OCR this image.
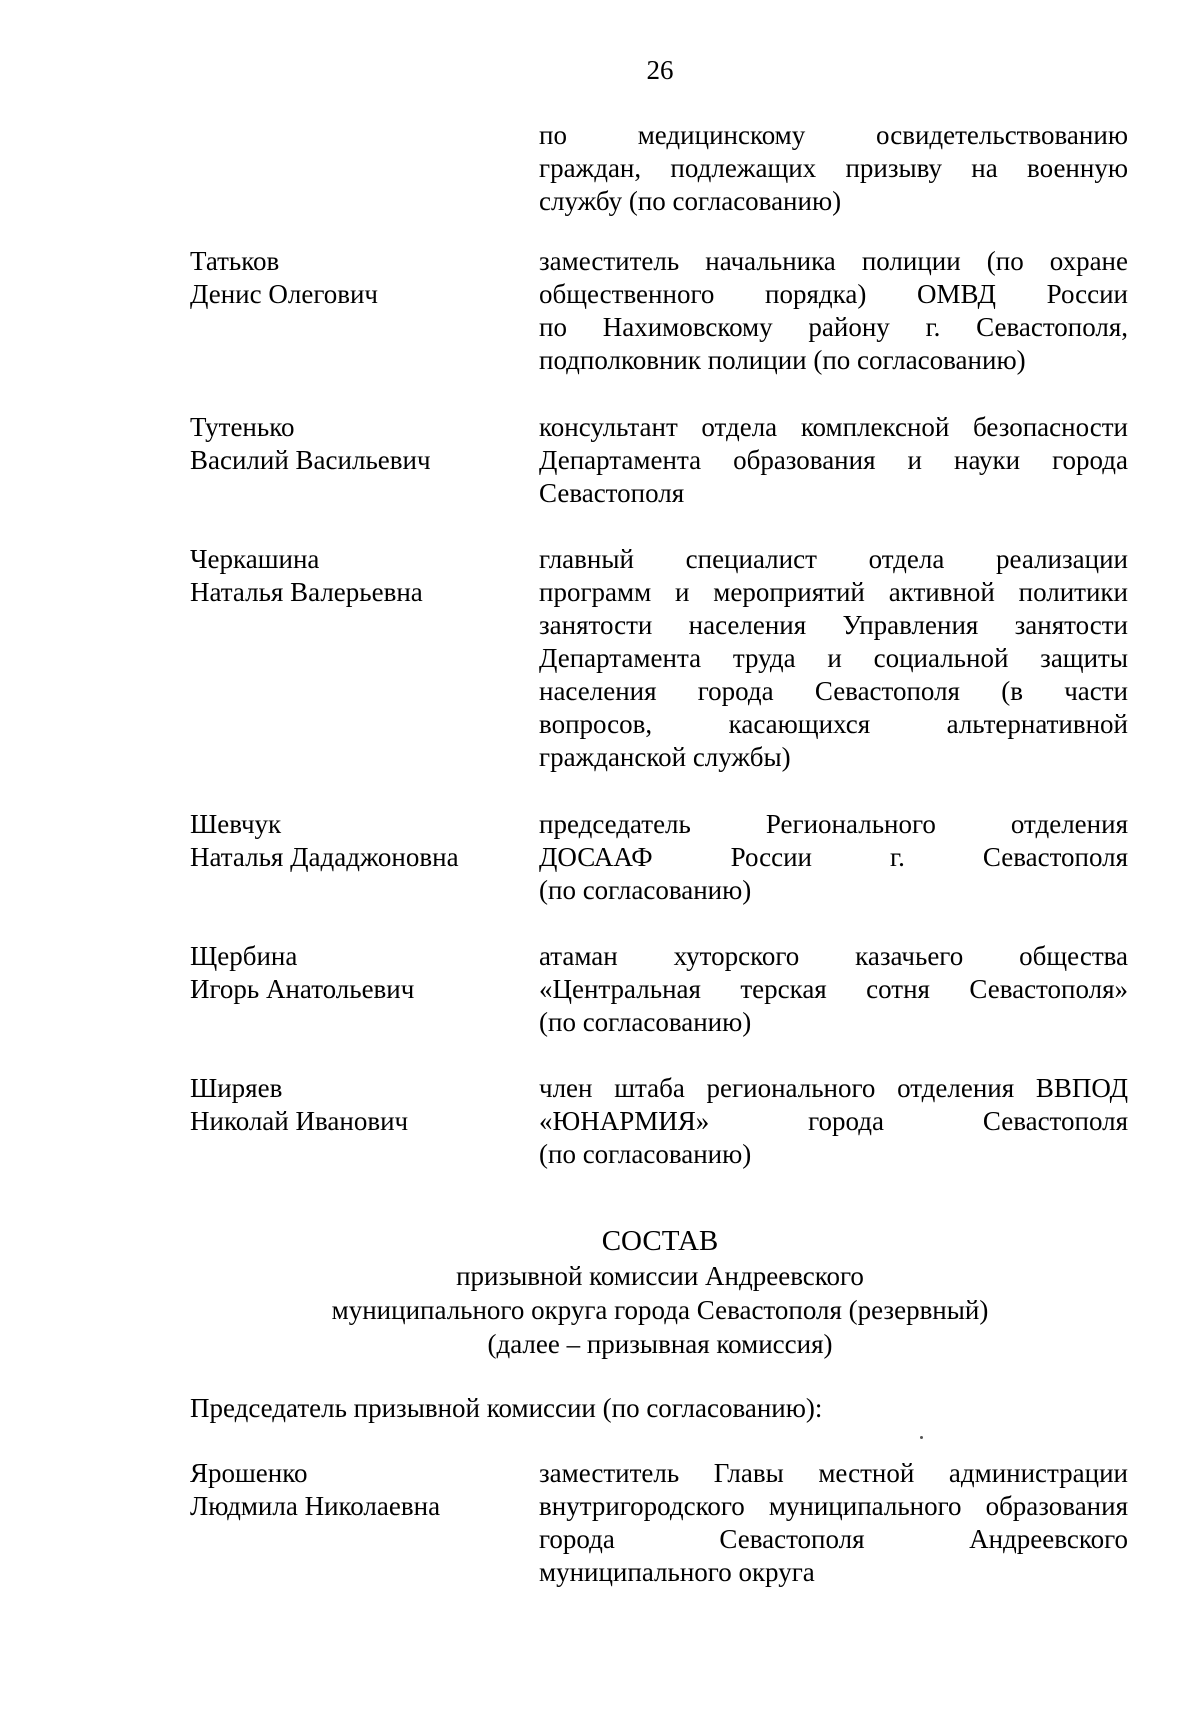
26
по медицинскому освидетельствованию
граждан, подлежащих призыву на военную
службу (по согласованию)
Татьков
Денис Олегович
заместитель начальника полиции (по охране
общественного порядка) ОМВД России
по Нахимовскому району г. Севастополя,
подполковник полиции (по согласованию)
Тутенько
Василий Васильевич
консультант отдела комплексной безопасности
Департамента образования и науки города
Севастополя
Черкашина
Наталья Валерьевна
главный специалист отдела реализации
программ и мероприятий активной политики
занятости населения Управления занятости
Департамента труда и социальной защиты
населения города Севастополя (в части
вопросов, касающихся альтернативной
гражданской службы)
Шевчук
Наталья Дададжоновна
председатель Регионального отделения
ДОСААФ России г. Севастополя
(по согласованию)
Щербина
Игорь Анатольевич
атаман хуторского казачьего общества
«Центральная терская сотня Севастополя»
(по согласованию)
Ширяев
Николай Иванович
член штаба регионального отделения ВВПОД
«ЮНАРМИЯ» города Севастополя
(по согласованию)
СОСТАВ
призывной комиссии Андреевского
муниципального округа города Севастополя (резервный)
(далее – призывная комиссия)
Председатель призывной комиссии (по согласованию):
Ярошенко
Людмила Николаевна
заместитель Главы местной администрации
внутригородского муниципального образования
города Севастополя Андреевского
муниципального округа
